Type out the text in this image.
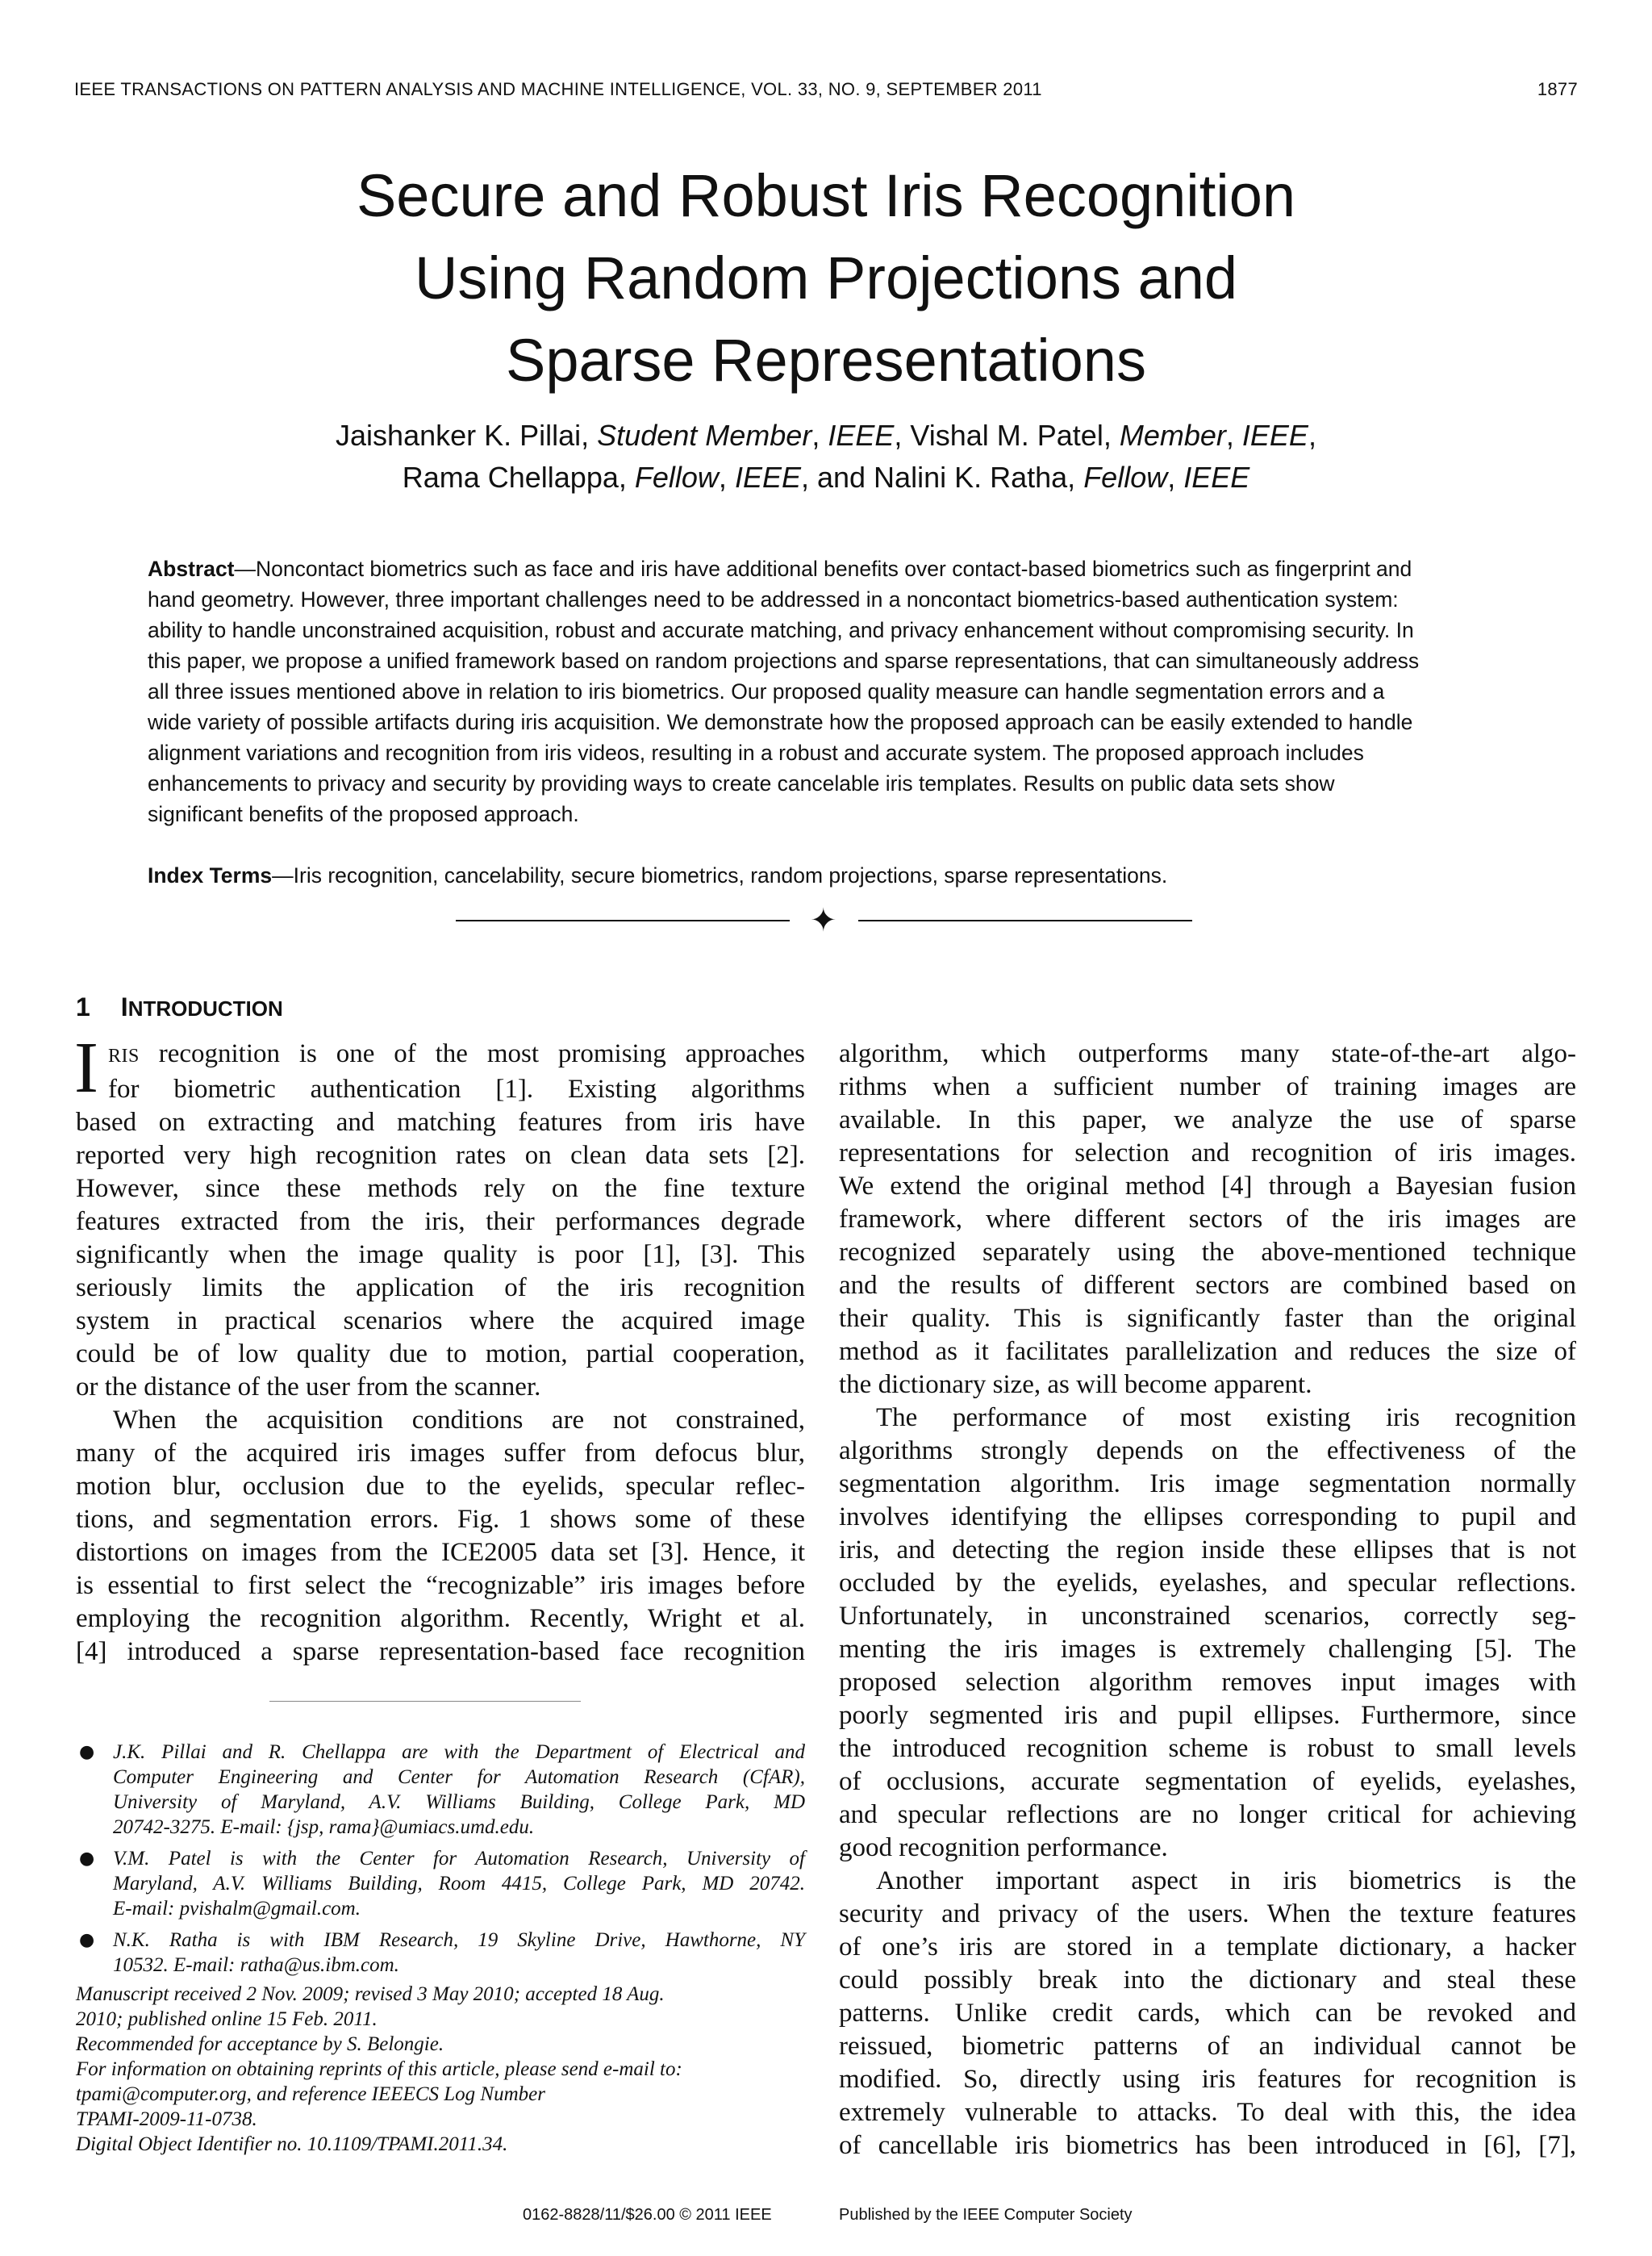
IEEE TRANSACTIONS ON PATTERN ANALYSIS AND MACHINE INTELLIGENCE, VOL. 33, NO. 9, SEPTEMBER 2011	1877
Secure and Robust Iris Recognition
Using Random Projections and
Sparse Representations
Jaishanker K. Pillai, Student Member, IEEE, Vishal M. Patel, Member, IEEE,
Rama Chellappa, Fellow, IEEE, and Nalini K. Ratha, Fellow, IEEE
Abstract—Noncontact biometrics such as face and iris have additional benefits over contact-based biometrics such as fingerprint and
hand geometry. However, three important challenges need to be addressed in a noncontact biometrics-based authentication system:
ability to handle unconstrained acquisition, robust and accurate matching, and privacy enhancement without compromising security. In
this paper, we propose a unified framework based on random projections and sparse representations, that can simultaneously address
all three issues mentioned above in relation to iris biometrics. Our proposed quality measure can handle segmentation errors and a
wide variety of possible artifacts during iris acquisition. We demonstrate how the proposed approach can be easily extended to handle
alignment variations and recognition from iris videos, resulting in a robust and accurate system. The proposed approach includes
enhancements to privacy and security by providing ways to create cancelable iris templates. Results on public data sets show
significant benefits of the proposed approach.
Index Terms—Iris recognition, cancelability, secure biometrics, random projections, sparse representations.
✦
1 INTRODUCTION
I RIS recognition is one of the most promising approaches
for biometric authentication [1]. Existing algorithms
based on extracting and matching features from iris have
reported very high recognition rates on clean data sets [2].
However, since these methods rely on the fine texture
features extracted from the iris, their performances degrade
significantly when the image quality is poor [1], [3]. This
seriously limits the application of the iris recognition
system in practical scenarios where the acquired image
could be of low quality due to motion, partial cooperation,
or the distance of the user from the scanner.
When the acquisition conditions are not constrained,
many of the acquired iris images suffer from defocus blur,
motion blur, occlusion due to the eyelids, specular reflec-
tions, and segmentation errors. Fig. 1 shows some of these
distortions on images from the ICE2005 data set [3]. Hence, it
is essential to first select the “recognizable” iris images before
employing the recognition algorithm. Recently, Wright et al.
[4] introduced a sparse representation-based face recognition
● J.K. Pillai and R. Chellappa are with the Department of Electrical and
Computer Engineering and Center for Automation Research (CfAR),
University of Maryland, A.V. Williams Building, College Park, MD
20742-3275. E-mail: {jsp, rama}@umiacs.umd.edu.
● V.M. Patel is with the Center for Automation Research, University of
Maryland, A.V. Williams Building, Room 4415, College Park, MD 20742.
E-mail: pvishalm@gmail.com.
● N.K. Ratha is with IBM Research, 19 Skyline Drive, Hawthorne, NY
10532. E-mail: ratha@us.ibm.com.
Manuscript received 2 Nov. 2009; revised 3 May 2010; accepted 18 Aug.
2010; published online 15 Feb. 2011.
Recommended for acceptance by S. Belongie.
For information on obtaining reprints of this article, please send e-mail to:
tpami@computer.org, and reference IEEECS Log Number
TPAMI-2009-11-0738.
Digital Object Identifier no. 10.1109/TPAMI.2011.34.
algorithm, which outperforms many state-of-the-art algo-
rithms when a sufficient number of training images are
available. In this paper, we analyze the use of sparse
representations for selection and recognition of iris images.
We extend the original method [4] through a Bayesian fusion
framework, where different sectors of the iris images are
recognized separately using the above-mentioned technique
and the results of different sectors are combined based on
their quality. This is significantly faster than the original
method as it facilitates parallelization and reduces the size of
the dictionary size, as will become apparent.
The performance of most existing iris recognition
algorithms strongly depends on the effectiveness of the
segmentation algorithm. Iris image segmentation normally
involves identifying the ellipses corresponding to pupil and
iris, and detecting the region inside these ellipses that is not
occluded by the eyelids, eyelashes, and specular reflections.
Unfortunately, in unconstrained scenarios, correctly seg-
menting the iris images is extremely challenging [5]. The
proposed selection algorithm removes input images with
poorly segmented iris and pupil ellipses. Furthermore, since
the introduced recognition scheme is robust to small levels
of occlusions, accurate segmentation of eyelids, eyelashes,
and specular reflections are no longer critical for achieving
good recognition performance.
Another important aspect in iris biometrics is the
security and privacy of the users. When the texture features
of one’s iris are stored in a template dictionary, a hacker
could possibly break into the dictionary and steal these
patterns. Unlike credit cards, which can be revoked and
reissued, biometric patterns of an individual cannot be
modified. So, directly using iris features for recognition is
extremely vulnerable to attacks. To deal with this, the idea
of cancellable iris biometrics has been introduced in [6], [7],
0162-8828/11/$26.00 © 2011 IEEE	Published by the IEEE Computer Society
